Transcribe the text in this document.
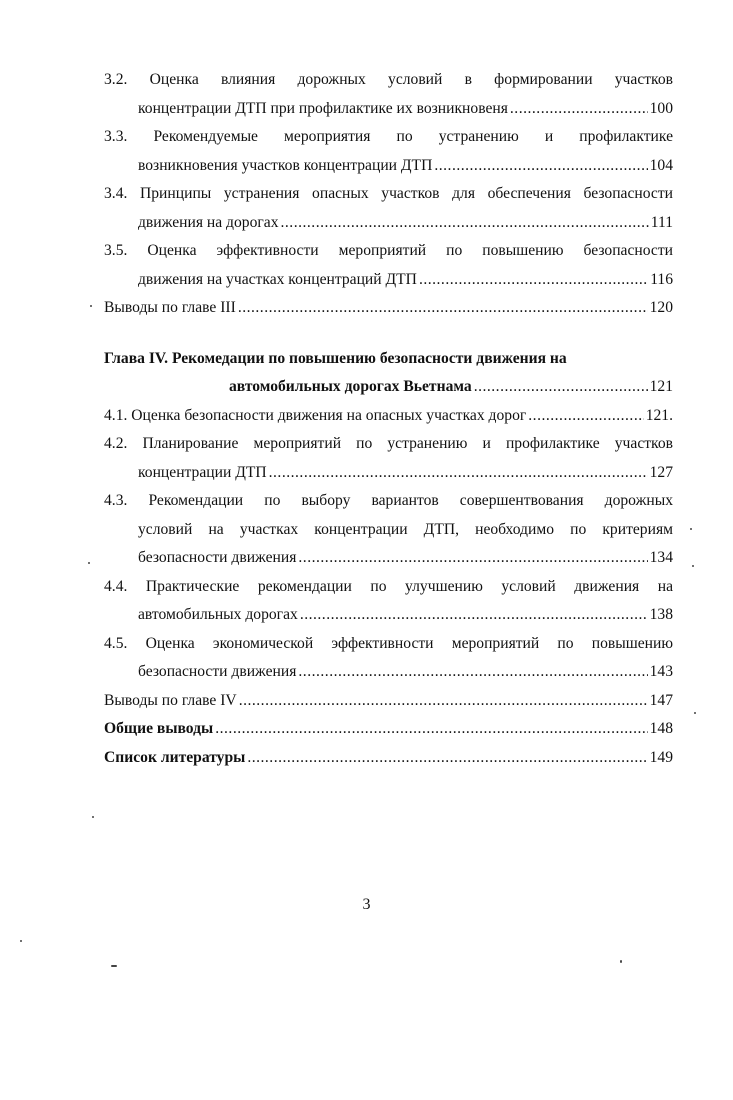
3.2. Оценка влияния дорожных условий в формировании участков
концентрации ДТП при профилактике их возникновеня .....	100
3.3. Рекомендуемые мероприятия по устранению и профилактике
возникновения участков концентрации ДТП .....	104
3.4. Принципы устранения опасных участков для обеспечения безопасности
движения на дорогах .....	111
3.5. Оценка эффективности мероприятий по повышению безопасности
движения на участках концентраций ДТП .....	116
Выводы по главе III .....	120
Глава IV. Рекомедации по повышению безопасности движения на
автомобильных дорогах Вьетнама .....	121
4.1. Оценка безопасности движения на опасных участках дорог .....	121.
4.2. Планирование мероприятий по устранению и профилактике участков
концентрации ДТП .....	127
4.3. Рекомендации по выбору вариантов совершентвования дорожных
условий на участках концентрации ДТП, необходимо по критериям
безопасности движения .....	134
4.4. Практические рекомендации по улучшению условий движения на
автомобильных дорогах .....	138
4.5. Оценка экономической эффективности мероприятий по повышению
безопасности движения .....	143
Выводы по главе IV .....	147
Общие выводы .....	148
Список литературы .....	149
3
